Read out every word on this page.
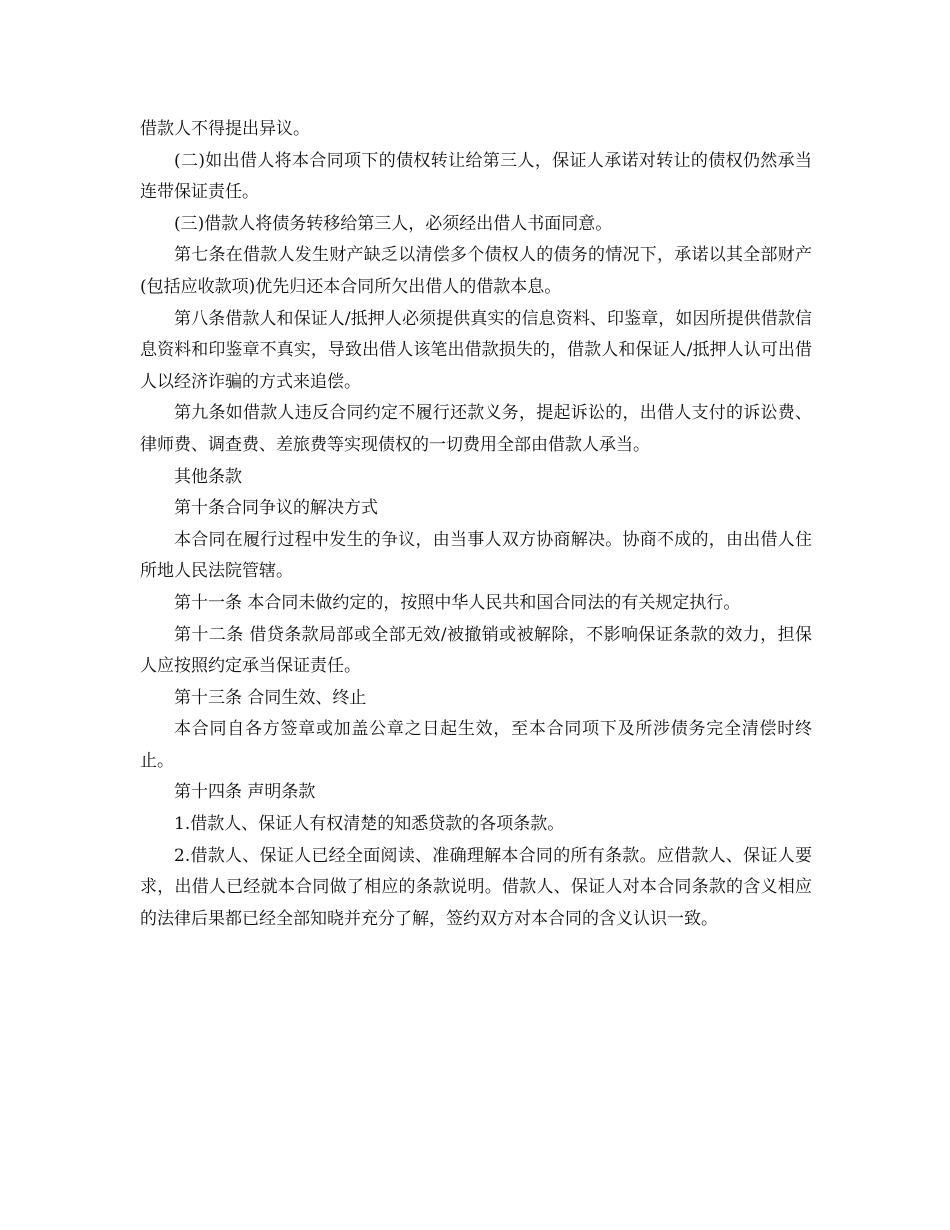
借款人不得提出异议。

(二)如出借人将本合同项下的债权转让给第三人，保证人承诺对转让的债权仍然承当连带保证责任。

(三)借款人将债务转移给第三人，必须经出借人书面同意。

第七条在借款人发生财产缺乏以清偿多个债权人的债务的情况下，承诺以其全部财产(包括应收款项)优先归还本合同所欠出借人的借款本息。

第八条借款人和保证人/抵押人必须提供真实的信息资料、印鉴章，如因所提供借款信息资料和印鉴章不真实，导致出借人该笔出借款损失的，借款人和保证人/抵押人认可出借人以经济诈骗的方式来追偿。

第九条如借款人违反合同约定不履行还款义务，提起诉讼的，出借人支付的诉讼费、律师费、调查费、差旅费等实现债权的一切费用全部由借款人承当。

其他条款

第十条合同争议的解决方式

本合同在履行过程中发生的争议，由当事人双方协商解决。协商不成的，由出借人住所地人民法院管辖。

第十一条 本合同未做约定的，按照中华人民共和国合同法的有关规定执行。

第十二条 借贷条款局部或全部无效/被撤销或被解除，不影响保证条款的效力，担保人应按照约定承当保证责任。

第十三条 合同生效、终止

本合同自各方签章或加盖公章之日起生效，至本合同项下及所涉债务完全清偿时终止。

第十四条 声明条款

1.借款人、保证人有权清楚的知悉贷款的各项条款。

2.借款人、保证人已经全面阅读、准确理解本合同的所有条款。应借款人、保证人要求，出借人已经就本合同做了相应的条款说明。借款人、保证人对本合同条款的含义相应的法律后果都已经全部知晓并充分了解，签约双方对本合同的含义认识一致。
